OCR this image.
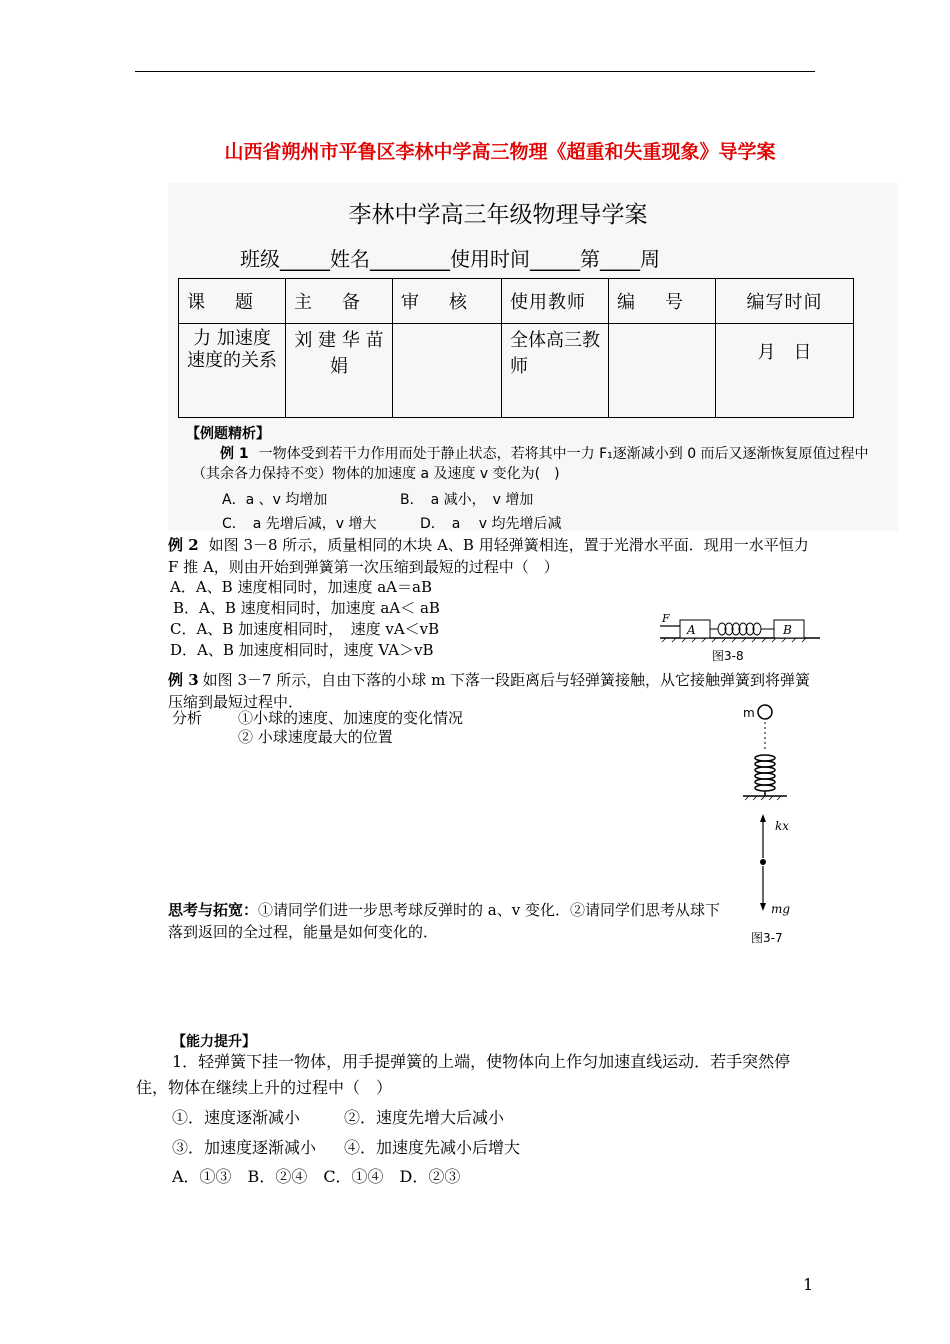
山西省朔州市平鲁区李林中学高三物理《超重和失重现象》导学案
李林中学高三年级物理导学案
班级_____姓名________使用时间_____第____周
课　题	主　备	审　核	使用教师	编　号	编写时间
力 加速度 速度的关系	刘 建 华 苗娟		全体高三教师		月　日
【例题精析】
例 1 一物体受到若干力作用而处于静止状态，若将其中一力 F₁逐渐减小到 0 而后又逐渐恢复原值过程中（其余各力保持不变）物体的加速度 a 及速度 v 变化为(　)
A．a 、v 均增加	B．　a 减小，　v 增加
C．　a 先增后减，v 增大	D．　a 　v 均先增后减
例 2 如图 3－8 所示，质量相同的木块 A、B 用轻弹簧相连，置于光滑水平面．现用一水平恒力 F 推 A，则由开始到弹簧第一次压缩到最短的过程中（　）
A．A、B 速度相同时，加速度 aA＝aB
B．A、B 速度相同时，加速度 aA＜ aB
C．A、B 加速度相同时，　速度 vA＜vB
D．A、B 加速度相同时，速度 VA＞vB
F
A	B
图3-8
例 3 如图 3－7 所示，自由下落的小球 m 下落一段距离后与轻弹簧接触，从它接触弹簧到将弹簧压缩到最短过程中．
分析 ①小球的速度、加速度的变化情况
② 小球速度最大的位置
m
kx
mg
图3-7
思考与拓宽：①请同学们进一步思考球反弹时的 a、v 变化．②请同学们思考从球下落到返回的全过程，能量是如何变化的．
【能力提升】
1．轻弹簧下挂一物体，用手提弹簧的上端，使物体向上作匀加速直线运动．若手突然停住，物体在继续上升的过程中（　）
①．速度逐渐减小	②．速度先增大后减小
③．加速度逐渐减小 ④．加速度先减小后增大
A．①③　B．②④　C．①④　D．②③
1
